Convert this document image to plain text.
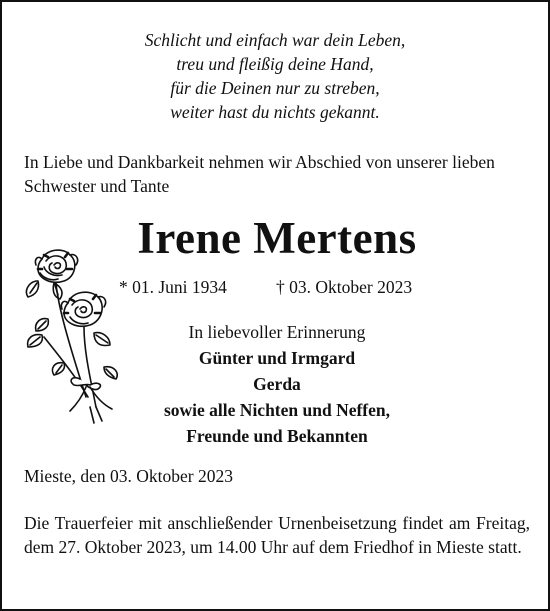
Schlicht und einfach war dein Leben,
treu und fleißig deine Hand,
für die Deinen nur zu streben,
weiter hast du nichts gekannt.
In Liebe und Dankbarkeit nehmen wir Abschied von unserer lieben Schwester und Tante
Irene Mertens
* 01. Juni 1934	† 03. Oktober 2023
In liebevoller Erinnerung
Günter und Irmgard
Gerda
sowie alle Nichten und Neffen,
Freunde und Bekannten
Mieste, den 03. Oktober 2023
Die Trauerfeier mit anschließender Urnenbeisetzung findet am Freitag, dem 27. Oktober 2023, um 14.00 Uhr auf dem Friedhof in Mieste statt.
